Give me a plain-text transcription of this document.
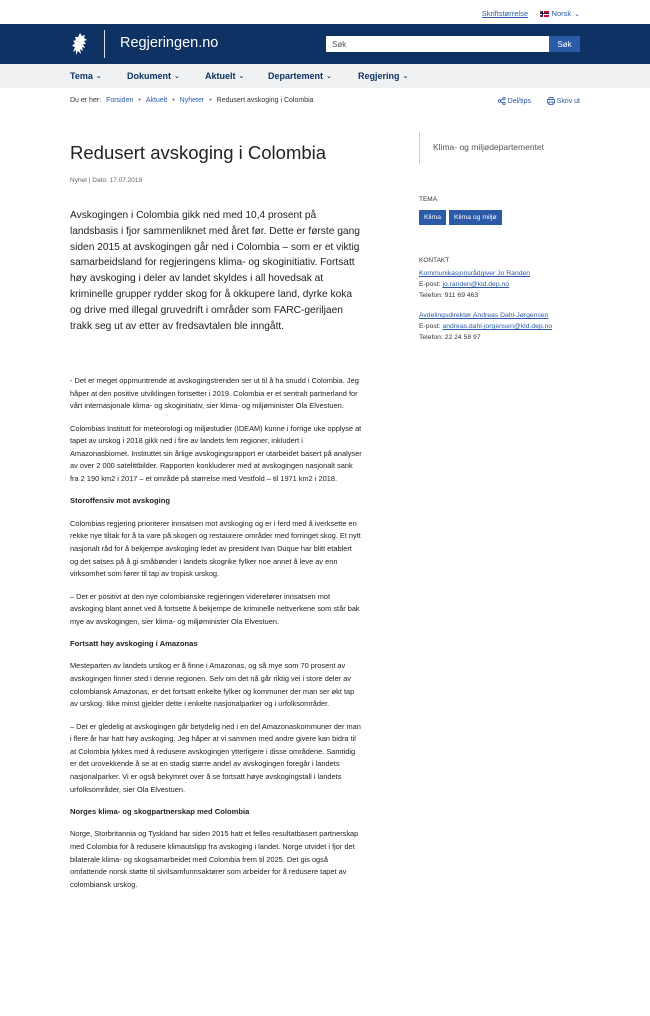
Skriftstørrelse	Norsk ⌄
Regjeringen.no
Søk	Søk
Tema ⌄	Dokument ⌄	Aktuelt ⌄	Departement ⌄	Regjering ⌄
Du er her: Forsiden • Aktuelt • Nyheter • Redusert avskoging i Colombia	Del/tips	Skriv ut
Redusert avskoging i Colombia
Nyhet | Dato: 17.07.2019

Avskogingen i Colombia gikk ned med 10,4 prosent på landsbasis i fjor sammenliknet med året før. Dette er første gang siden 2015 at avskogingen går ned i Colombia – som er et viktig samarbeidsland for regjeringens klima- og skoginitiativ. Fortsatt høy avskoging i deler av landet skyldes i all hovedsak at kriminelle grupper rydder skog for å okkupere land, dyrke koka og drive med illegal gruvedrift i områder som FARC-geriljaen trakk seg ut av etter av fredsavtalen ble inngått.

- Det er meget oppmuntrende at avskogingstrenden ser ut til å ha snudd i Colombia. Jeg håper at den positive utviklingen fortsetter i 2019. Colombia er et sentralt partnerland for vårt internasjonale klima- og skoginitiativ, sier klima- og miljøminister Ola Elvestuen.

Colombias Institutt for meteorologi og miljøstudier (IDEAM) kunne i forrige uke opplyse at tapet av urskog i 2018 gikk ned i fire av landets fem regioner, inkludert i Amazonasbiomet. Instituttet sin årlige avskogingsrapport er utarbeidet basert på analyser av over 2 000 satelittbilder. Rapporten konkluderer med at avskogingen nasjonalt sank fra 2 190 km2 i 2017 – et område på størrelse med Vestfold – til 1971 km2 i 2018.

Storoffensiv mot avskoging

Colombias regjering prioriterer innsatsen mot avskoging og er i ferd med å iverksette en rekke nye tiltak for å ta vare på skogen og restaurere områder med forringet skog. Et nytt nasjonalt råd for å bekjempe avskoging ledet av president Ivan Duque har blitt etablert og det satses på å gi småbønder i landets skogrike fylker noe annet å leve av enn virksomhet som fører til tap av tropisk urskog.

– Det er positivt at den nye colombianske regjeringen viderefører innsatsen mot avskoging blant annet ved å fortsette å bekjempe de kriminelle nettverkene som står bak mye av avskogingen, sier klima- og miljøminister Ola Elvestuen.

Fortsatt høy avskoging i Amazonas

Mesteparten av landets urskog er å finne i Amazonas, og så mye som 70 prosent av avskogingen finner sted i denne regionen. Selv om det nå går riktig vei i store deler av colombiansk Amazonas, er det fortsatt enkelte fylker og kommuner der man ser økt tap av urskog. Ikke minst gjelder dette i enkelte nasjonalparker og i urfolksområder.

– Det er gledelig at avskogingen går betydelig ned i en del Amazonaskommuner der man i flere år har hatt høy avskoging. Jeg håper at vi sammen med andre givere kan bidra til at Colombia lykkes med å redusere avskogingen ytterligere i disse områdene. Samtidig er det urovekkende å se at en stadig større andel av avskogingen foregår i landets nasjonalparker. Vi er også bekymret over å se fortsatt høye avskogingstall i landets urfolksområder, sier Ola Elvestuen.

Norges klima- og skogpartnerskap med Colombia

Norge, Storbritannia og Tyskland har siden 2015 hatt et felles resultatbasert partnerskap med Colombia for å redusere klimautslipp fra avskoging i landet. Norge utvidet i fjor det bilaterale klima- og skogsamarbeidet med Colombia frem til 2025. Det gis også omfattende norsk støtte til sivilsamfunnsaktører som arbeider for å redusere tapet av colombiansk urskog.

Klima- og miljødepartementet
TEMA
Klima	Klima og miljø
KONTAKT
Kommunikasjonsrådgiver Jo Randen
E-post: jo.randen@kld.dep.no
Telefon: 911 69 463
Avdelingsdirektør Andreas Dahl-Jørgensen
E-post: andreas.dahl-jorgensen@kld.dep.no
Telefon: 22 24 58 97
